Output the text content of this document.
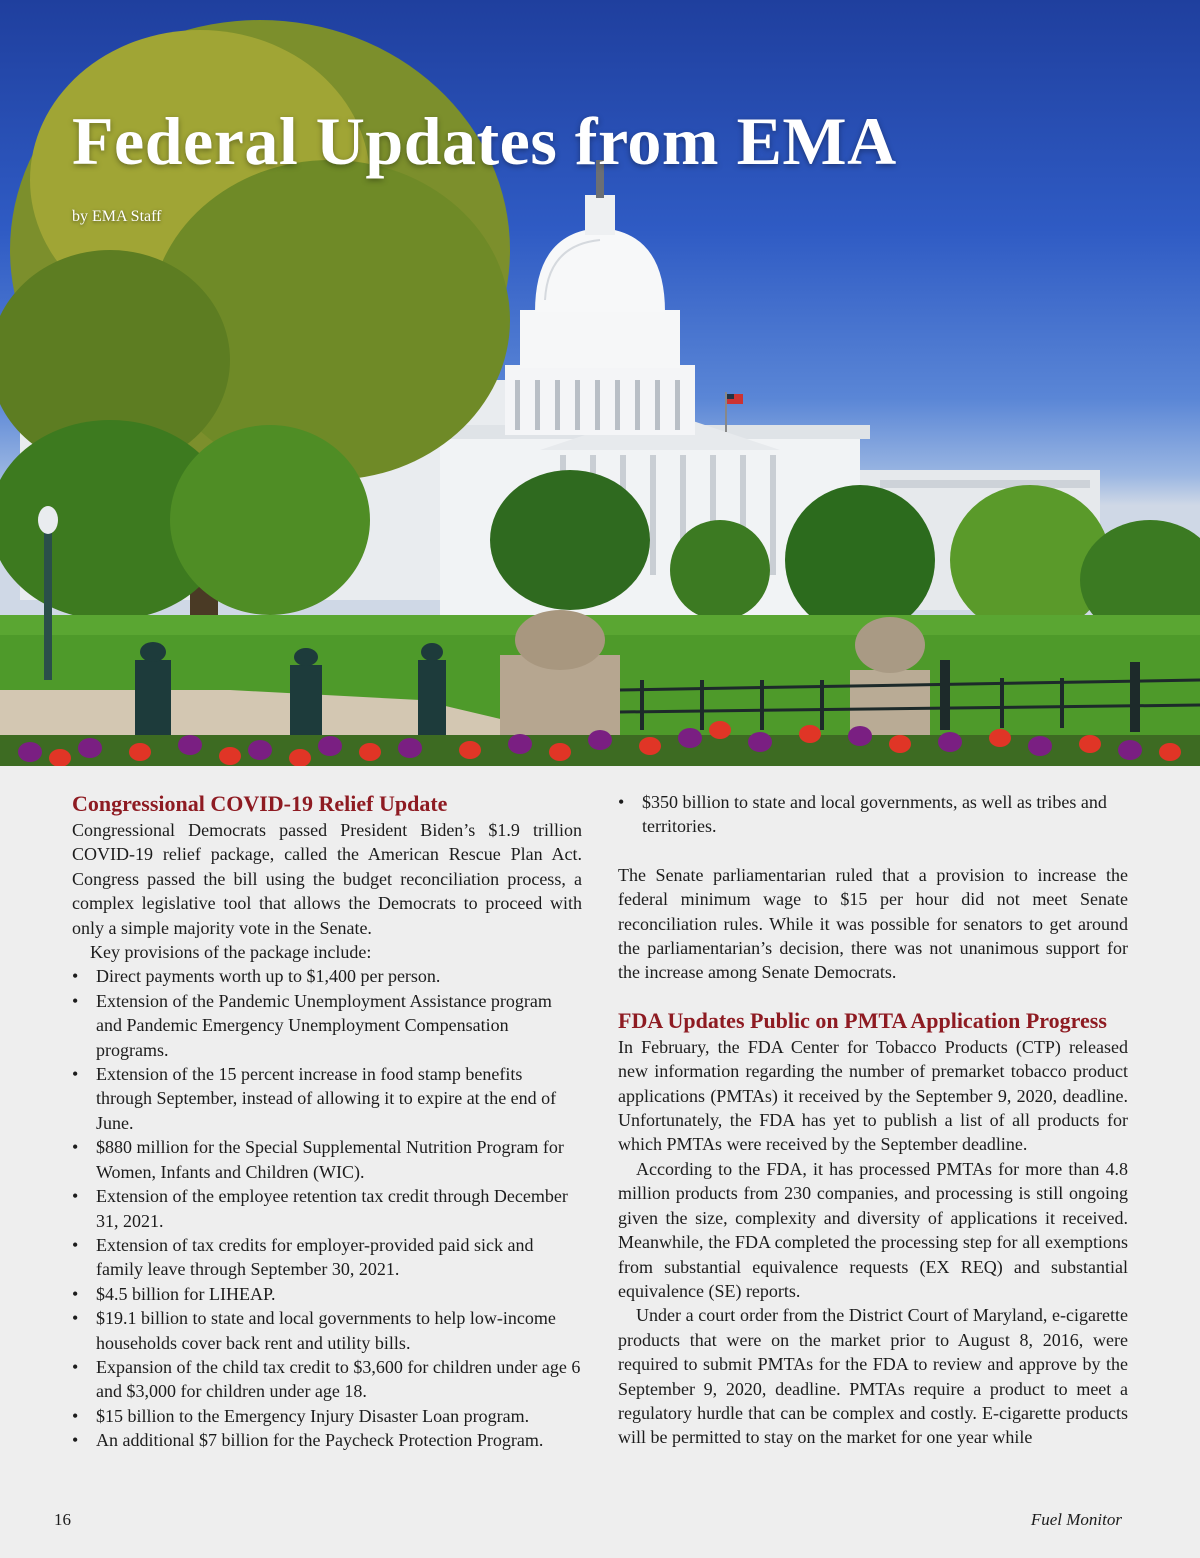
Federal Updates from EMA
by EMA Staff
Congressional COVID-19 Relief Update

Congressional Democrats passed President Biden’s $1.9 trillion COVID-19 relief package, called the American Rescue Plan Act. Congress passed the bill using the budget reconciliation process, a complex legislative tool that allows the Democrats to proceed with only a simple majority vote in the Senate.

Key provisions of the package include:

• Direct payments worth up to $1,400 per person.
• Extension of the Pandemic Unemployment Assistance program and Pandemic Emergency Unemployment Compensation programs.
• Extension of the 15 percent increase in food stamp benefits through September, instead of allowing it to expire at the end of June.
• $880 million for the Special Supplemental Nutrition Program for Women, Infants and Children (WIC).
• Extension of the employee retention tax credit through December 31, 2021.
• Extension of tax credits for employer-provided paid sick and family leave through September 30, 2021.
• $4.5 billion for LIHEAP.
• $19.1 billion to state and local governments to help low-income households cover back rent and utility bills.
• Expansion of the child tax credit to $3,600 for children under age 6 and $3,000 for children under age 18.
• $15 billion to the Emergency Injury Disaster Loan program.
• An additional $7 billion for the Paycheck Protection Program.
• $350 billion to state and local governments, as well as tribes and territories.

The Senate parliamentarian ruled that a provision to increase the federal minimum wage to $15 per hour did not meet Senate reconciliation rules. While it was possible for senators to get around the parliamentarian’s decision, there was not unanimous support for the increase among Senate Democrats.

FDA Updates Public on PMTA Application Progress

In February, the FDA Center for Tobacco Products (CTP) released new information regarding the number of premarket tobacco product applications (PMTAs) it received by the September 9, 2020, deadline. Unfortunately, the FDA has yet to publish a list of all products for which PMTAs were received by the September deadline.

According to the FDA, it has processed PMTAs for more than 4.8 million products from 230 companies, and processing is still ongoing given the size, complexity and diversity of applications it received. Meanwhile, the FDA completed the processing step for all exemptions from substantial equivalence requests (EX REQ) and substantial equivalence (SE) reports.

Under a court order from the District Court of Maryland, e-cigarette products that were on the market prior to August 8, 2016, were required to submit PMTAs for the FDA to review and approve by the September 9, 2020, deadline. PMTAs require a product to meet a regulatory hurdle that can be complex and costly. E-cigarette products will be permitted to stay on the market for one year while

16	Fuel Monitor
